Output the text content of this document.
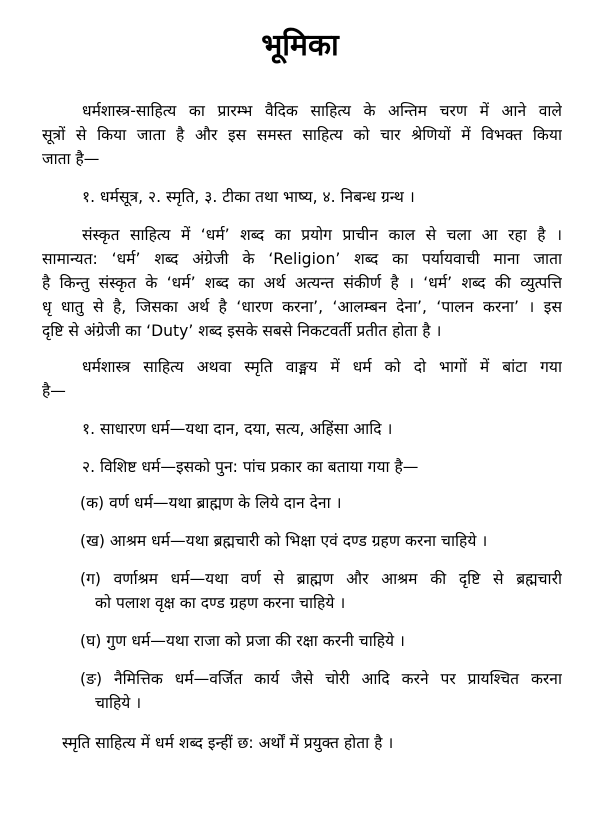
भूमिका
धर्मशास्त्र-साहित्य का प्रारम्भ वैदिक साहित्य के अन्तिम चरण में आने वाले
सूत्रों से किया जाता है और इस समस्त साहित्य को चार श्रेणियों में विभक्त किया
जाता है—
१. धर्मसूत्र, २. स्मृति, ३. टीका तथा भाष्य, ४. निबन्ध ग्रन्थ ।
संस्कृत साहित्य में ‘धर्म’ शब्द का प्रयोग प्राचीन काल से चला आ रहा है ।
सामान्यत: ‘धर्म’ शब्द अंग्रेजी के ‘Religion’ शब्द का पर्यायवाची माना जाता
है किन्तु संस्कृत के ‘धर्म’ शब्द का अर्थ अत्यन्त संकीर्ण है । ‘धर्म’ शब्द की व्युत्पत्ति
धृ धातु से है, जिसका अर्थ है ‘धारण करना’, ‘आलम्बन देना’, ‘पालन करना’ । इस
दृष्टि से अंग्रेजी का ‘Duty’ शब्द इसके सबसे निकटवर्ती प्रतीत होता है ।
धर्मशास्त्र साहित्य अथवा स्मृति वाङ्मय में धर्म को दो भागों में बांटा गया
है—
१. साधारण धर्म—यथा दान, दया, सत्य, अहिंसा आदि ।
२. विशिष्ट धर्म—इसको पुन: पांच प्रकार का बताया गया है—
(क) वर्ण धर्म—यथा ब्राह्मण के लिये दान देना ।
(ख) आश्रम धर्म—यथा ब्रह्मचारी को भिक्षा एवं दण्ड ग्रहण करना चाहिये ।
(ग) वर्णाश्रम धर्म—यथा वर्ण से ब्राह्मण और आश्रम की दृष्टि से ब्रह्मचारी
को पलाश वृक्ष का दण्ड ग्रहण करना चाहिये ।
(घ) गुण धर्म—यथा राजा को प्रजा की रक्षा करनी चाहिये ।
(ङ) नैमित्तिक धर्म—वर्जित कार्य जैसे चोरी आदि करने पर प्रायश्चित करना
चाहिये ।
स्मृति साहित्य में धर्म शब्द इन्हीं छ: अर्थों में प्रयुक्त होता है ।
